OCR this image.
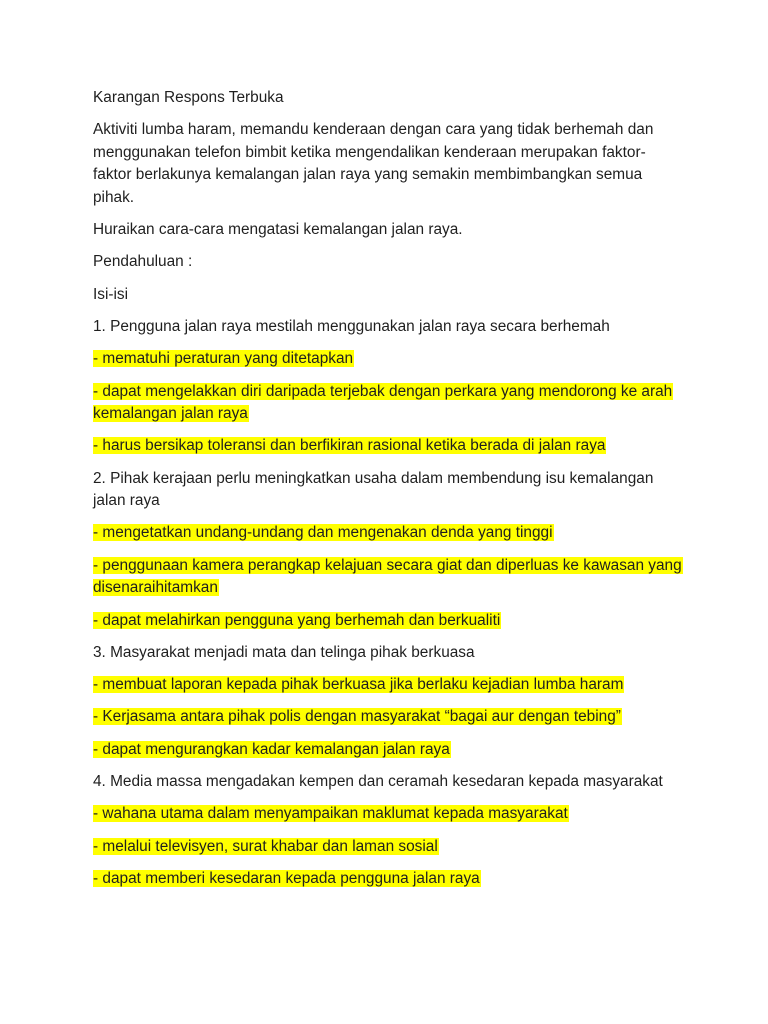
Karangan Respons Terbuka

Aktiviti lumba haram, memandu kenderaan dengan cara yang tidak berhemah dan menggunakan telefon bimbit ketika mengendalikan kenderaan merupakan faktor-faktor berlakunya kemalangan jalan raya yang semakin membimbangkan semua pihak.

Huraikan cara-cara mengatasi kemalangan jalan raya.

Pendahuluan :

Isi-isi

1. Pengguna jalan raya mestilah menggunakan jalan raya secara berhemah

- mematuhi peraturan yang ditetapkan

- dapat mengelakkan diri daripada terjebak dengan perkara yang mendorong ke arah kemalangan jalan raya

- harus bersikap toleransi dan berfikiran rasional ketika berada di jalan raya

2. Pihak kerajaan perlu meningkatkan usaha dalam membendung isu kemalangan jalan raya

- mengetatkan undang-undang dan mengenakan denda yang tinggi

- penggunaan kamera perangkap kelajuan secara giat dan diperluas ke kawasan yang disenaraihitamkan

- dapat melahirkan pengguna yang berhemah dan berkualiti

3. Masyarakat menjadi mata dan telinga pihak berkuasa

- membuat laporan kepada pihak berkuasa jika berlaku kejadian lumba haram

- Kerjasama antara pihak polis dengan masyarakat “bagai aur dengan tebing”

- dapat mengurangkan kadar kemalangan jalan raya

4. Media massa mengadakan kempen dan ceramah kesedaran kepada masyarakat

- wahana utama dalam menyampaikan maklumat kepada masyarakat

- melalui televisyen, surat khabar dan laman sosial

- dapat memberi kesedaran kepada pengguna jalan raya
